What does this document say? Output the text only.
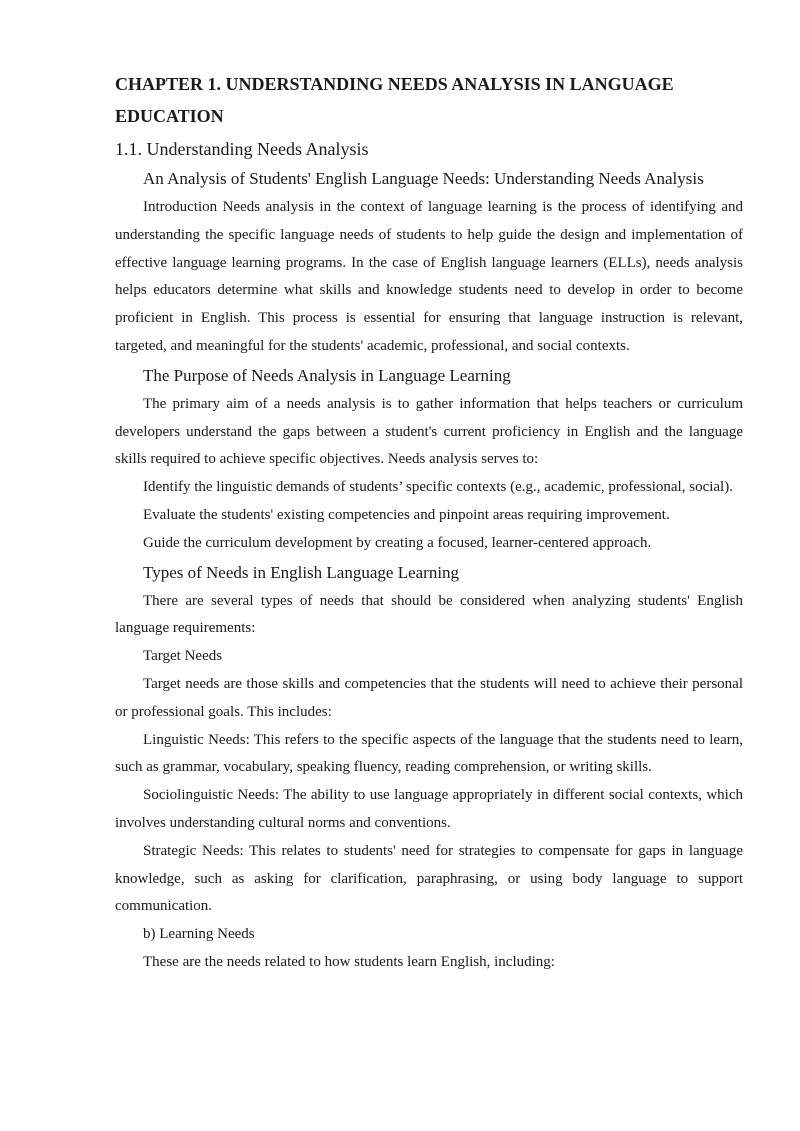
CHAPTER 1. UNDERSTANDING NEEDS ANALYSIS IN LANGUAGE EDUCATION
1.1. Understanding Needs Analysis
An Analysis of Students' English Language Needs: Understanding Needs Analysis

Introduction Needs analysis in the context of language learning is the process of identifying and understanding the specific language needs of students to help guide the design and implementation of effective language learning programs. In the case of English language learners (ELLs), needs analysis helps educators determine what skills and knowledge students need to develop in order to become proficient in English. This process is essential for ensuring that language instruction is relevant, targeted, and meaningful for the students' academic, professional, and social contexts.

The Purpose of Needs Analysis in Language Learning

The primary aim of a needs analysis is to gather information that helps teachers or curriculum developers understand the gaps between a student's current proficiency in English and the language skills required to achieve specific objectives. Needs analysis serves to:

Identify the linguistic demands of students’ specific contexts (e.g., academic, professional, social).

Evaluate the students' existing competencies and pinpoint areas requiring improvement.

Guide the curriculum development by creating a focused, learner-centered approach.

Types of Needs in English Language Learning

There are several types of needs that should be considered when analyzing students' English language requirements:

Target Needs

Target needs are those skills and competencies that the students will need to achieve their personal or professional goals. This includes:

Linguistic Needs: This refers to the specific aspects of the language that the students need to learn, such as grammar, vocabulary, speaking fluency, reading comprehension, or writing skills.

Sociolinguistic Needs: The ability to use language appropriately in different social contexts, which involves understanding cultural norms and conventions.

Strategic Needs: This relates to students' need for strategies to compensate for gaps in language knowledge, such as asking for clarification, paraphrasing, or using body language to support communication.

b) Learning Needs

These are the needs related to how students learn English, including:
